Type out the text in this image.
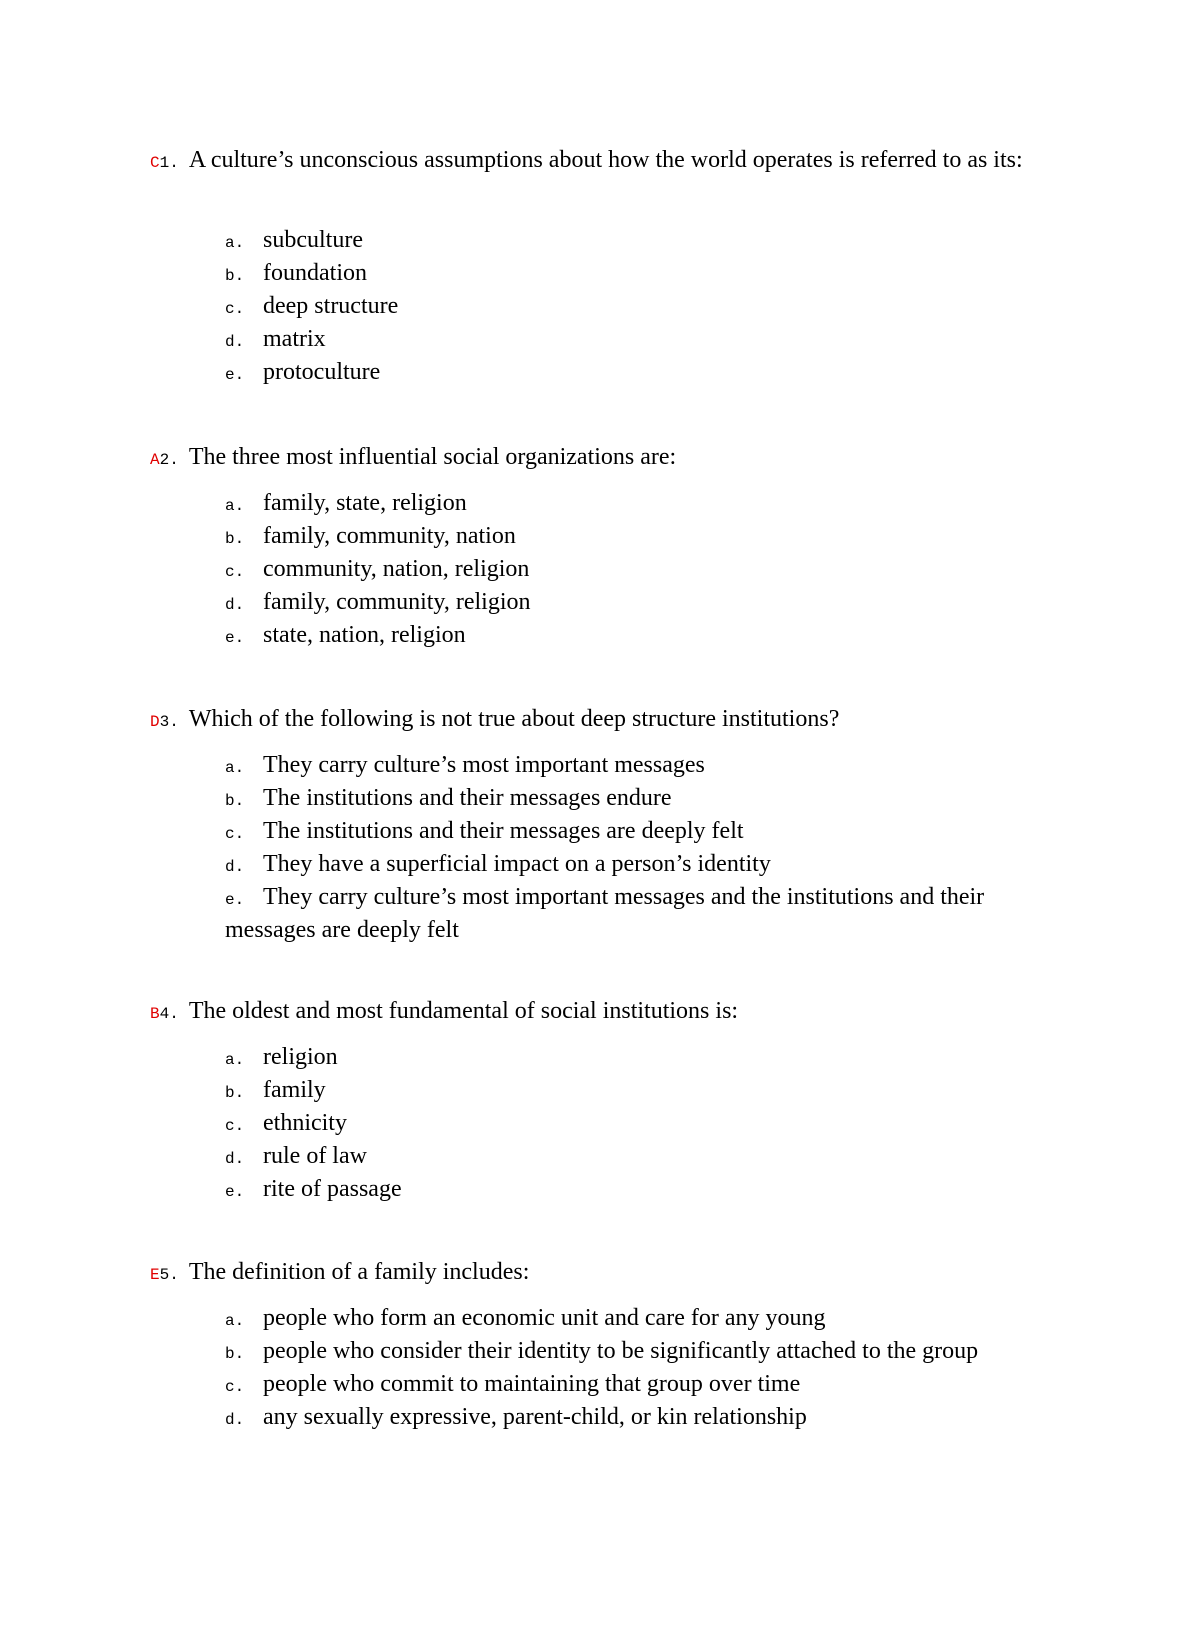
C1. A culture’s unconscious assumptions about how the world operates is referred to as its:

a. subculture
b. foundation
c. deep structure
d. matrix
e. protoculture

A2. The three most influential social organizations are:

a. family, state, religion
b. family, community, nation
c. community, nation, religion
d. family, community, religion
e. state, nation, religion

D3. Which of the following is not true about deep structure institutions?

a. They carry culture’s most important messages
b. The institutions and their messages endure
c. The institutions and their messages are deeply felt
d. They have a superficial impact on a person’s identity
e. They carry culture’s most important messages and the institutions and their messages are deeply felt

B4. The oldest and most fundamental of social institutions is:

a. religion
b. family
c. ethnicity
d. rule of law
e. rite of passage

E5. The definition of a family includes:

a. people who form an economic unit and care for any young
b. people who consider their identity to be significantly attached to the group
c. people who commit to maintaining that group over time
d. any sexually expressive, parent-child, or kin relationship
